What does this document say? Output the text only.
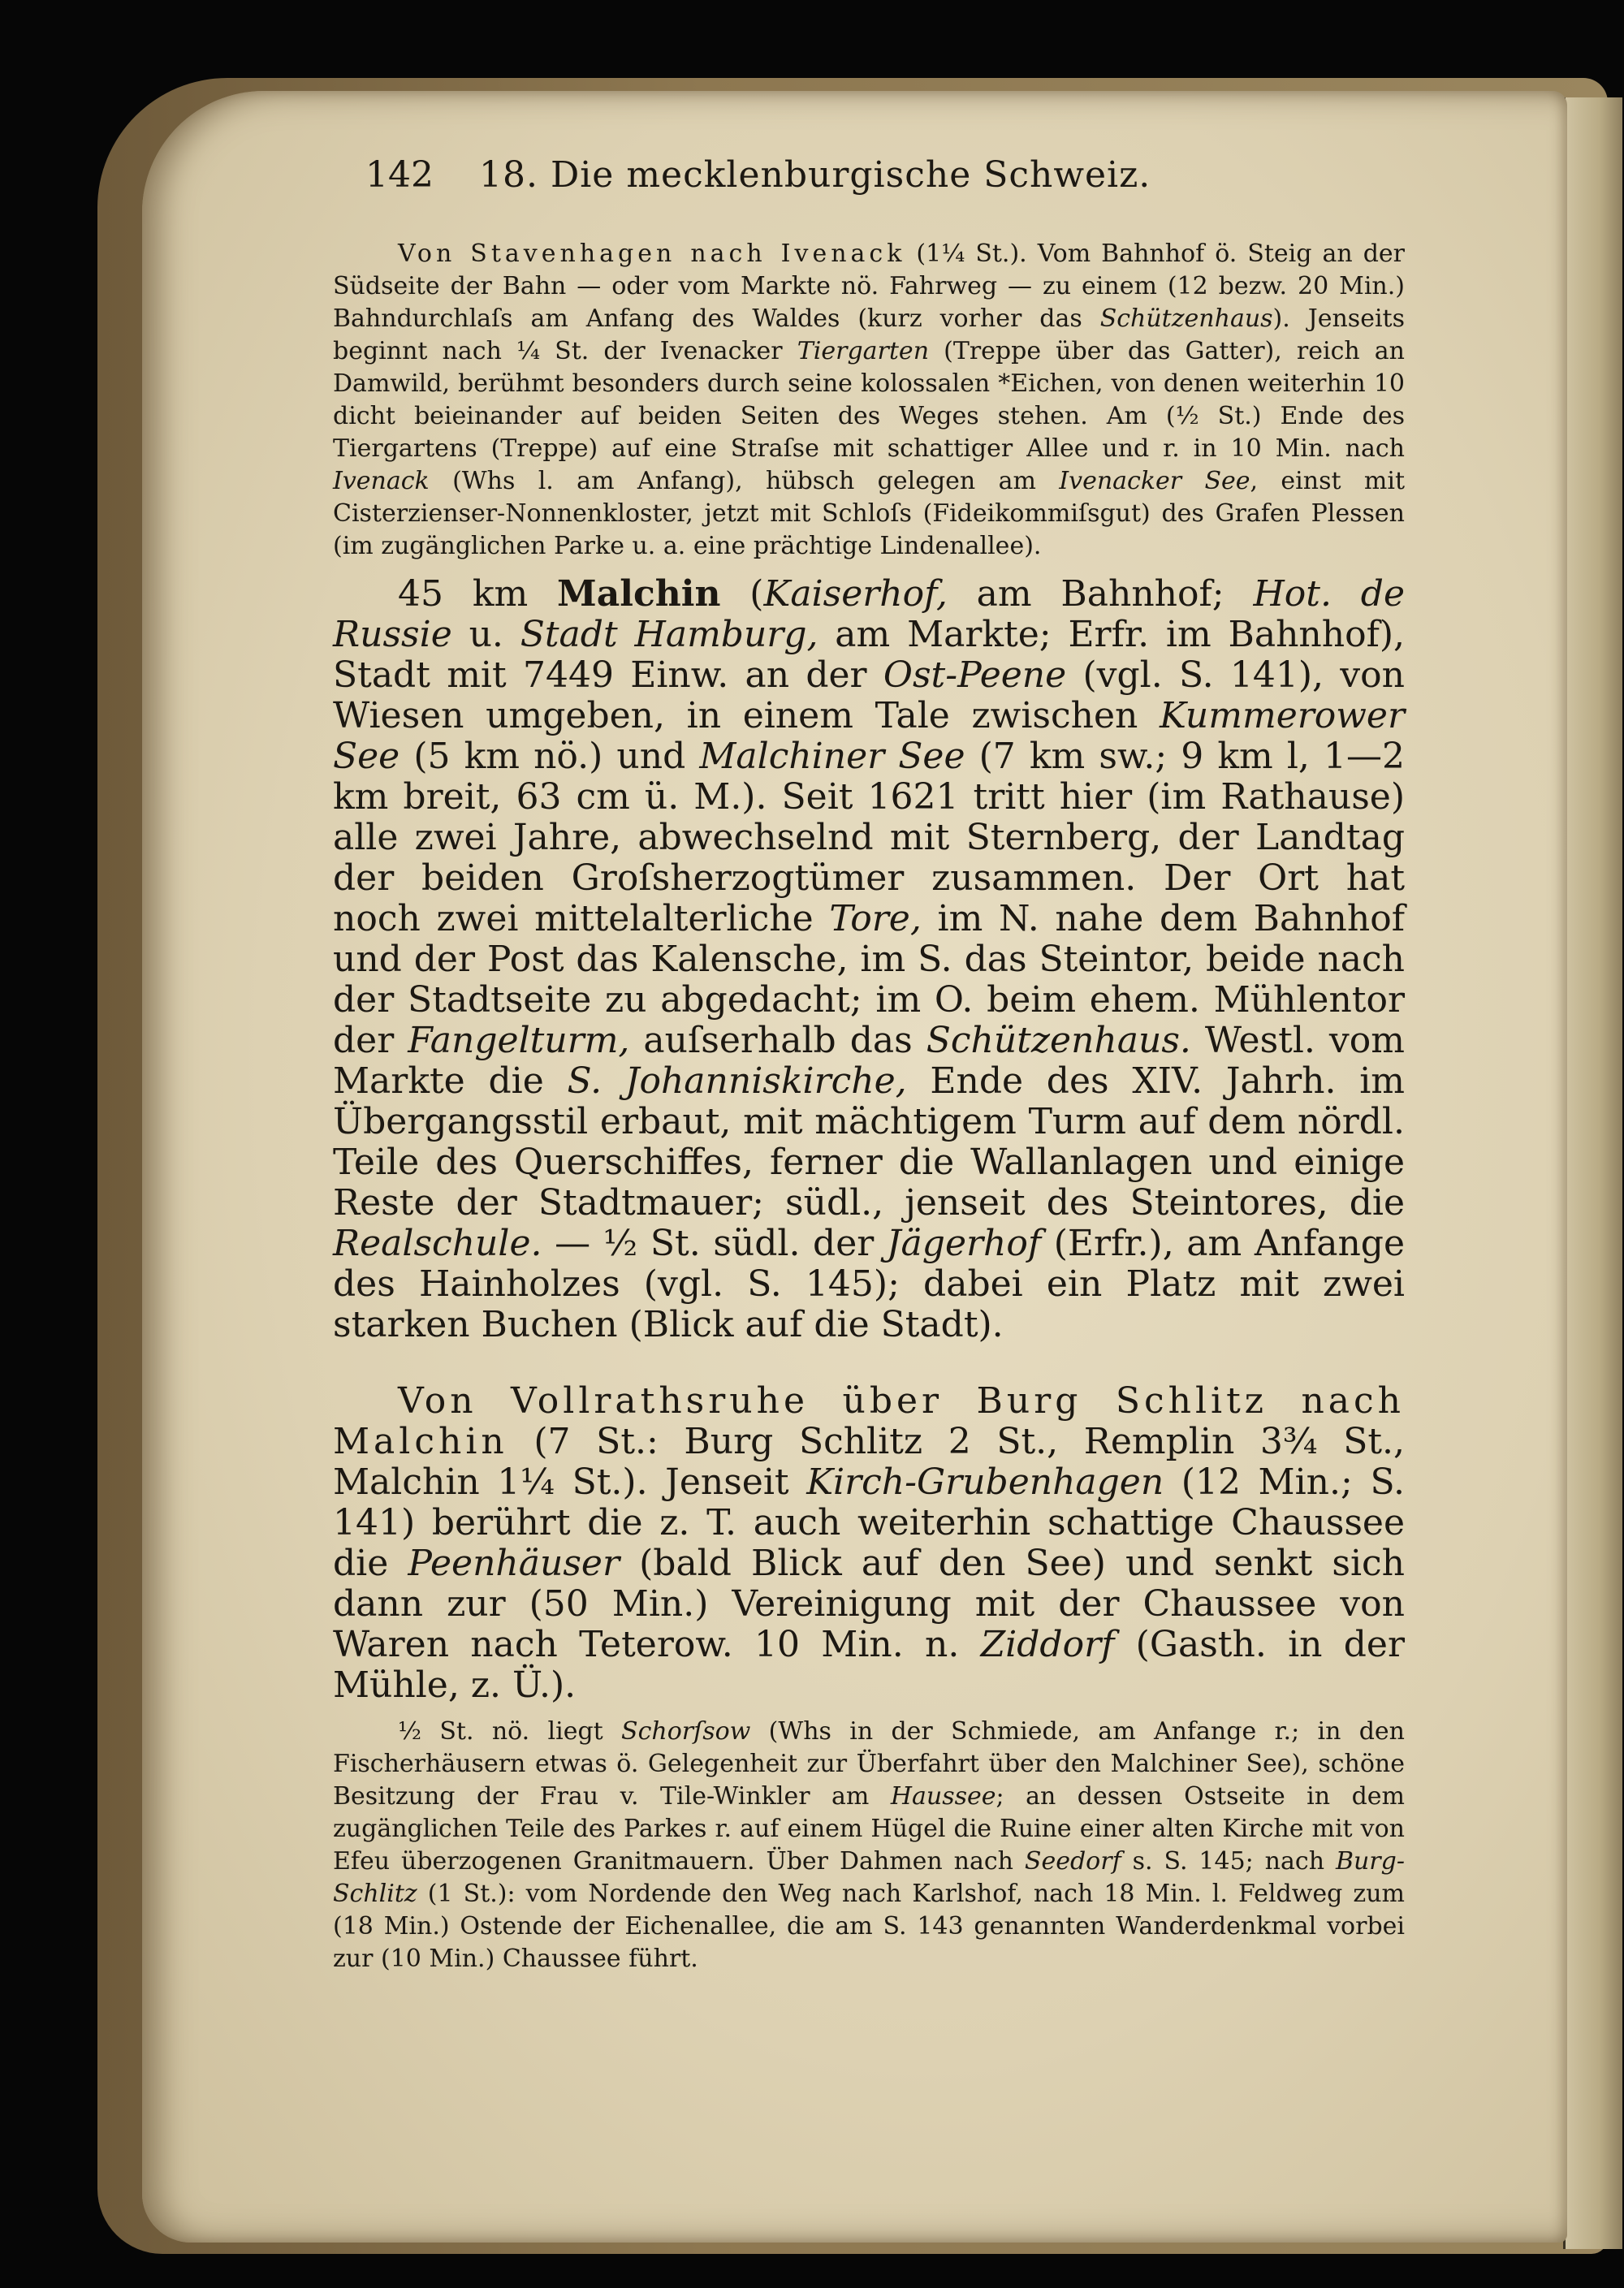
142	18. Die mecklenburgische Schweiz.

Von Stavenhagen nach Ivenack (1¼ St.). Vom Bahnhof ö. Steig an der Südseite der Bahn — oder vom Markte nö. Fahrweg — zu einem (12 bezw. 20 Min.) Bahndurchlaſs am Anfang des Waldes (kurz vorher das Schützenhaus). Jenseits beginnt nach ¼ St. der Ivenacker Tiergarten (Treppe über das Gatter), reich an Damwild, berühmt besonders durch seine kolossalen *Eichen, von denen weiterhin 10 dicht beieinander auf beiden Seiten des Weges stehen. Am (½ St.) Ende des Tiergartens (Treppe) auf eine Straſse mit schattiger Allee und r. in 10 Min. nach Ivenack (Whs l. am Anfang), hübsch gelegen am Ivenacker See, einst mit Cisterzienser-Nonnenkloster, jetzt mit Schloſs (Fideikommiſsgut) des Grafen Plessen (im zugänglichen Parke u. a. eine prächtige Lindenallee).

45 km Malchin (Kaiserhof, am Bahnhof; Hot. de Russie u. Stadt Hamburg, am Markte; Erfr. im Bahnhof), Stadt mit 7449 Einw. an der Ost-Peene (vgl. S. 141), von Wiesen umgeben, in einem Tale zwischen Kummerower See (5 km nö.) und Malchiner See (7 km sw.; 9 km l, 1—2 km breit, 63 cm ü. M.). Seit 1621 tritt hier (im Rathause) alle zwei Jahre, abwechselnd mit Sternberg, der Landtag der beiden Groſsherzogtümer zusammen. Der Ort hat noch zwei mittelalterliche Tore, im N. nahe dem Bahnhof und der Post das Kalensche, im S. das Steintor, beide nach der Stadtseite zu abgedacht; im O. beim ehem. Mühlentor der Fangelturm, auſserhalb das Schützenhaus. Westl. vom Markte die S. Johanniskirche, Ende des XIV. Jahrh. im Übergangsstil erbaut, mit mächtigem Turm auf dem nördl. Teile des Querschiffes, ferner die Wallanlagen und einige Reste der Stadtmauer; südl., jenseit des Steintores, die Realschule. — ½ St. südl. der Jägerhof (Erfr.), am Anfange des Hainholzes (vgl. S. 145); dabei ein Platz mit zwei starken Buchen (Blick auf die Stadt).

Von Vollrathsruhe über Burg Schlitz nach Malchin (7 St.: Burg Schlitz 2 St., Remplin 3¾ St., Malchin 1¼ St.). Jenseit Kirch-Grubenhagen (12 Min.; S. 141) berührt die z. T. auch weiterhin schattige Chaussee die Peenhäuser (bald Blick auf den See) und senkt sich dann zur (50 Min.) Vereinigung mit der Chaussee von Waren nach Teterow. 10 Min. n. Ziddorf (Gasth. in der Mühle, z. Ü.).

½ St. nö. liegt Schorſsow (Whs in der Schmiede, am Anfange r.; in den Fischerhäusern etwas ö. Gelegenheit zur Überfahrt über den Malchiner See), schöne Besitzung der Frau v. Tile-Winkler am Haussee; an dessen Ostseite in dem zugänglichen Teile des Parkes r. auf einem Hügel die Ruine einer alten Kirche mit von Efeu überzogenen Granitmauern. Über Dahmen nach Seedorf s. S. 145; nach Burg-Schlitz (1 St.): vom Nordende den Weg nach Karlshof, nach 18 Min. l. Feldweg zum (18 Min.) Ostende der Eichenallee, die am S. 143 genannten Wanderdenkmal vorbei zur (10 Min.) Chaussee führt.
